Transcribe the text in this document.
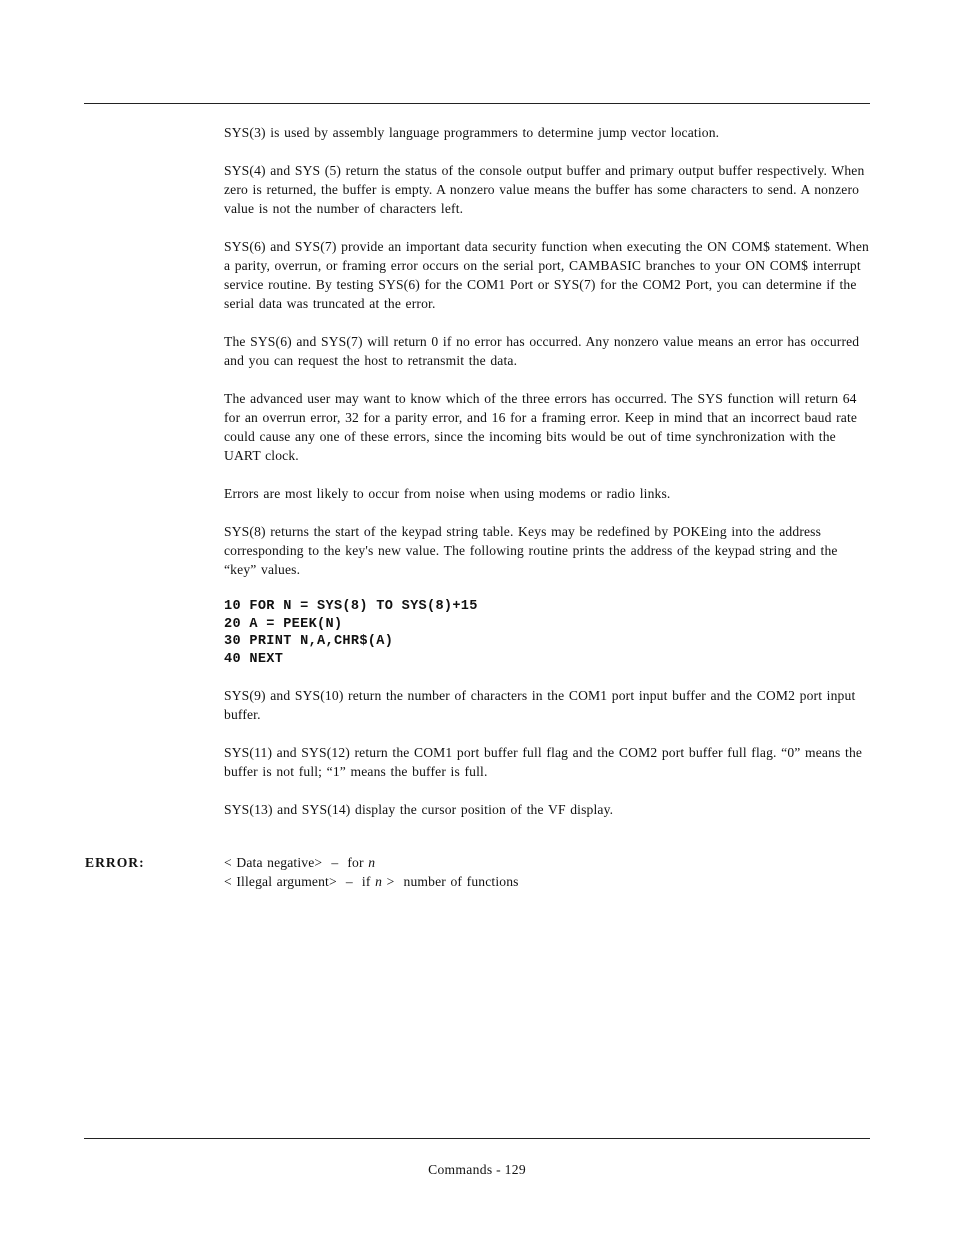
SYS(3) is used by assembly language programmers to determine jump vector location.

SYS(4) and SYS (5) return the status of the console output buffer and primary output buffer respectively. When zero is returned, the buffer is empty. A nonzero value means the buffer has some characters to send. A nonzero value is not the number of characters left.

SYS(6) and SYS(7) provide an important data security function when executing the ON COM$ statement. When a parity, overrun, or framing error occurs on the serial port, CAMBASIC branches to your ON COM$ interrupt service routine. By testing SYS(6) for the COM1 Port or SYS(7) for the COM2 Port, you can determine if the serial data was truncated at the error.

The SYS(6) and SYS(7) will return 0 if no error has occurred. Any nonzero value means an error has occurred and you can request the host to retransmit the data.

The advanced user may want to know which of the three errors has occurred. The SYS function will return 64 for an overrun error, 32 for a parity error, and 16 for a framing error. Keep in mind that an incorrect baud rate could cause any one of these errors, since the incoming bits would be out of time synchronization with the UART clock.

Errors are most likely to occur from noise when using modems or radio links.

SYS(8) returns the start of the keypad string table. Keys may be redefined by POKEing into the address corresponding to the key's new value. The following routine prints the address of the keypad string and the “key” values.

10 FOR N = SYS(8) TO SYS(8)+15
20 A = PEEK(N)
30 PRINT N,A,CHR$(A)
40 NEXT

SYS(9) and SYS(10) return the number of characters in the COM1 port input buffer and the COM2 port input buffer.

SYS(11) and SYS(12) return the COM1 port buffer full flag and the COM2 port buffer full flag. “0” means the buffer is not full; “1” means the buffer is full.

SYS(13) and SYS(14) display the cursor position of the VF display.

ERROR:	< Data negative>  –  for n
< Illegal argument>  –  if n >  number of functions
Commands - 129
